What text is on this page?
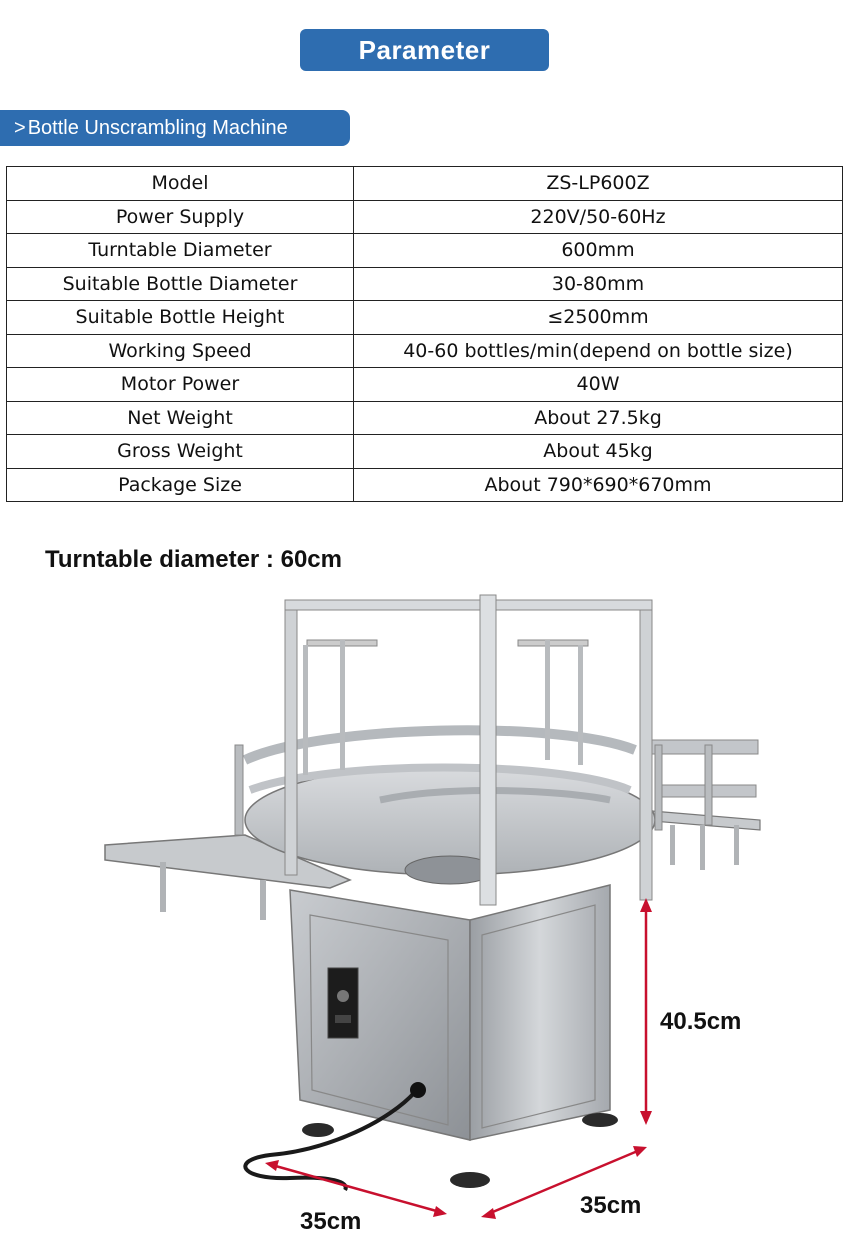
Parameter
> Bottle Unscrambling Machine
Model	ZS-LP600Z
Power Supply	220V/50-60Hz
Turntable Diameter	600mm
Suitable Bottle Diameter	30-80mm
Suitable Bottle Height	≤2500mm
Working Speed	40-60 bottles/min(depend on bottle size)
Motor Power	40W
Net Weight	About 27.5kg
Gross Weight	About 45kg
Package Size	About 790*690*670mm
Turntable diameter : 60cm
40.5cm
35cm
35cm
